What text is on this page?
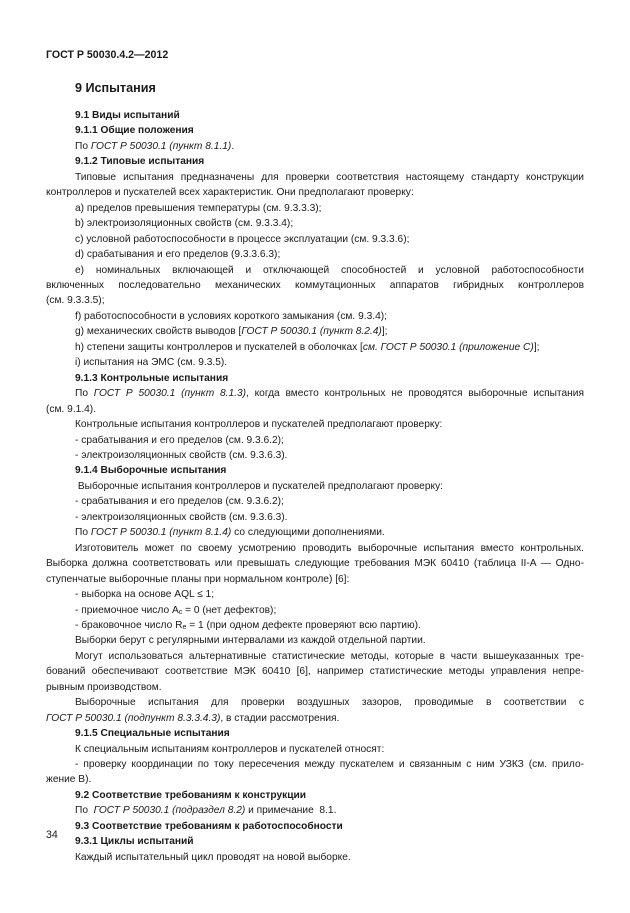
ГОСТ Р 50030.4.2—2012

9 Испытания

9.1 Виды испытаний

9.1.1 Общие положения

По ГОСТ Р 50030.1 (пункт 8.1.1).

9.1.2 Типовые испытания

Типовые испытания предназначены для проверки соответствия настоящему стандарту конструкции

контроллеров и пускателей всех характеристик. Они предполагают проверку:

a) пределов превышения температуры (см. 9.3.3.3);

b) электроизоляционных свойств (см. 9.3.3.4);

c) условной работоспособности в процессе эксплуатации (см. 9.3.3.6);

d) срабатывания и его пределов (9.3.3.6.3);

e) номинальных включающей и отключающей способностей и условной работоспособности

включенных последовательно механических коммутационных аппаратов гибридных контроллеров

(см. 9.3.3.5);

f) работоспособности в условиях короткого замыкания (см. 9.3.4);

g) механических свойств выводов [ГОСТ Р 50030.1 (пункт 8.2.4)];

h) степени защиты контроллеров и пускателей в оболочках [см. ГОСТ Р 50030.1 (приложение C)];

i) испытания на ЭМС (см. 9.3.5).

9.1.3 Контрольные испытания

По ГОСТ Р 50030.1 (пункт 8.1.3), когда вместо контрольных не проводятся выборочные испытания

(см. 9.1.4).

Контрольные испытания контроллеров и пускателей предполагают проверку:

- срабатывания и его пределов (см. 9.3.6.2);

- электроизоляционных свойств (см. 9.3.6.3).

9.1.4 Выборочные испытания

Выборочные испытания контроллеров и пускателей предполагают проверку:

- срабатывания и его пределов (см. 9.3.6.2);

- электроизоляционных свойств (см. 9.3.6.3).

По ГОСТ Р 50030.1 (пункт 8.1.4) со следующими дополнениями.

Изготовитель может по своему усмотрению проводить выборочные испытания вместо контрольных.

Выборка должна соответствовать или превышать следующие требования МЭК 60410 (таблица II-A — Одно-

ступенчатые выборочные планы при нормальном контроле) [6]:

- выборка на основе AQL ≤ 1;

- приемочное число $A_c = 0$ (нет дефектов);

- браковочное число $R_e = 1$ (при одном дефекте проверяют всю партию).

Выборки берут с регулярными интервалами из каждой отдельной партии.

Могут использоваться альтернативные статистические методы, которые в части вышеуказанных тре-

бований обеспечивают соответствие МЭК 60410 [6], например статистические методы управления непре-

рывным производством.

Выборочные испытания для проверки воздушных зазоров, проводимые в соответствии с

ГОСТ Р 50030.1 (подпункт 8.3.3.4.3), в стадии рассмотрения.

9.1.5 Специальные испытания

К специальным испытаниям контроллеров и пускателей относят:

- проверку координации по току пересечения между пускателем и связанным с ним УЗКЗ (см. прило-

жение B).

9.2 Соответствие требованиям к конструкции

По  ГОСТ Р 50030.1 (подраздел 8.2) и примечание  8.1.

9.3 Соответствие требованиям к работоспособности

9.3.1 Циклы испытаний

Каждый испытательный цикл проводят на новой выборке.

34
